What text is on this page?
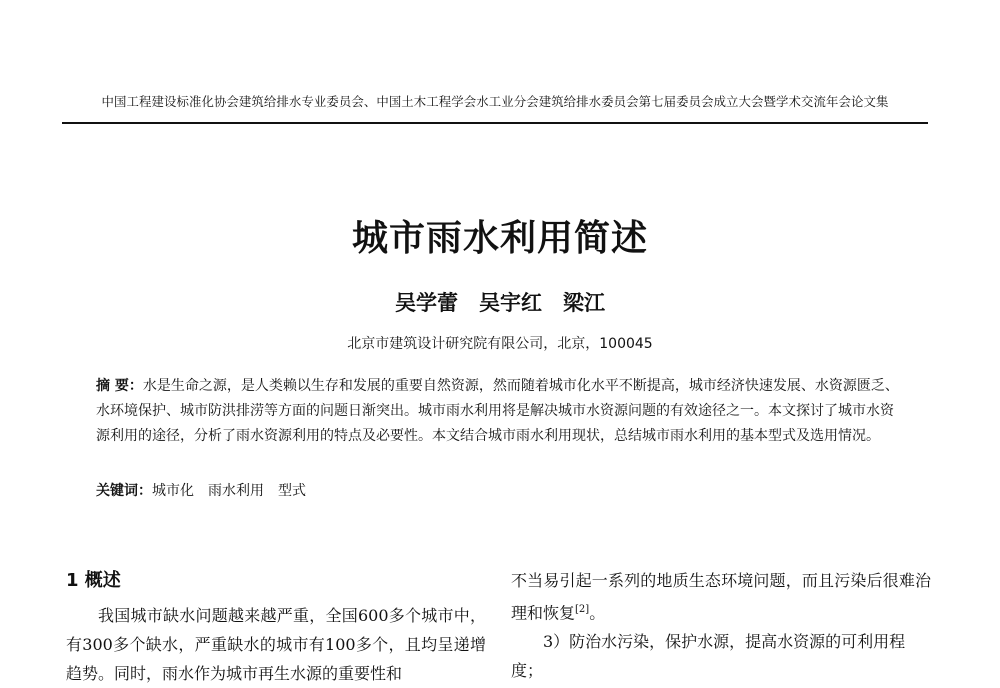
中国工程建设标准化协会建筑给排水专业委员会、中国土木工程学会水工业分会建筑给排水委员会第七届委员会成立大会暨学术交流年会论文集
城市雨水利用简述
吴学蕾　吴宇红　梁江
北京市建筑设计研究院有限公司，北京，100045
摘 要：水是生命之源，是人类赖以生存和发展的重要自然资源，然而随着城市化水平不断提高，城市经济快速发展、水资源匮乏、水环境保护、城市防洪排涝等方面的问题日渐突出。城市雨水利用将是解决城市水资源问题的有效途径之一。本文探讨了城市水资源利用的途径，分析了雨水资源利用的特点及必要性。本文结合城市雨水利用现状，总结城市雨水利用的基本型式及选用情况。
关键词：城市化　雨水利用　型式
1 概述

我国城市缺水问题越来越严重，全国600多个城市中，有300多个缺水，严重缺水的城市有100多个，且均呈递增趋势。同时，雨水作为城市再生水源的重要性和

不当易引起一系列的地质生态环境问题，而且污染后很难治理和恢复[2]。

3）防治水污染，保护水源，提高水资源的可利用程度；
